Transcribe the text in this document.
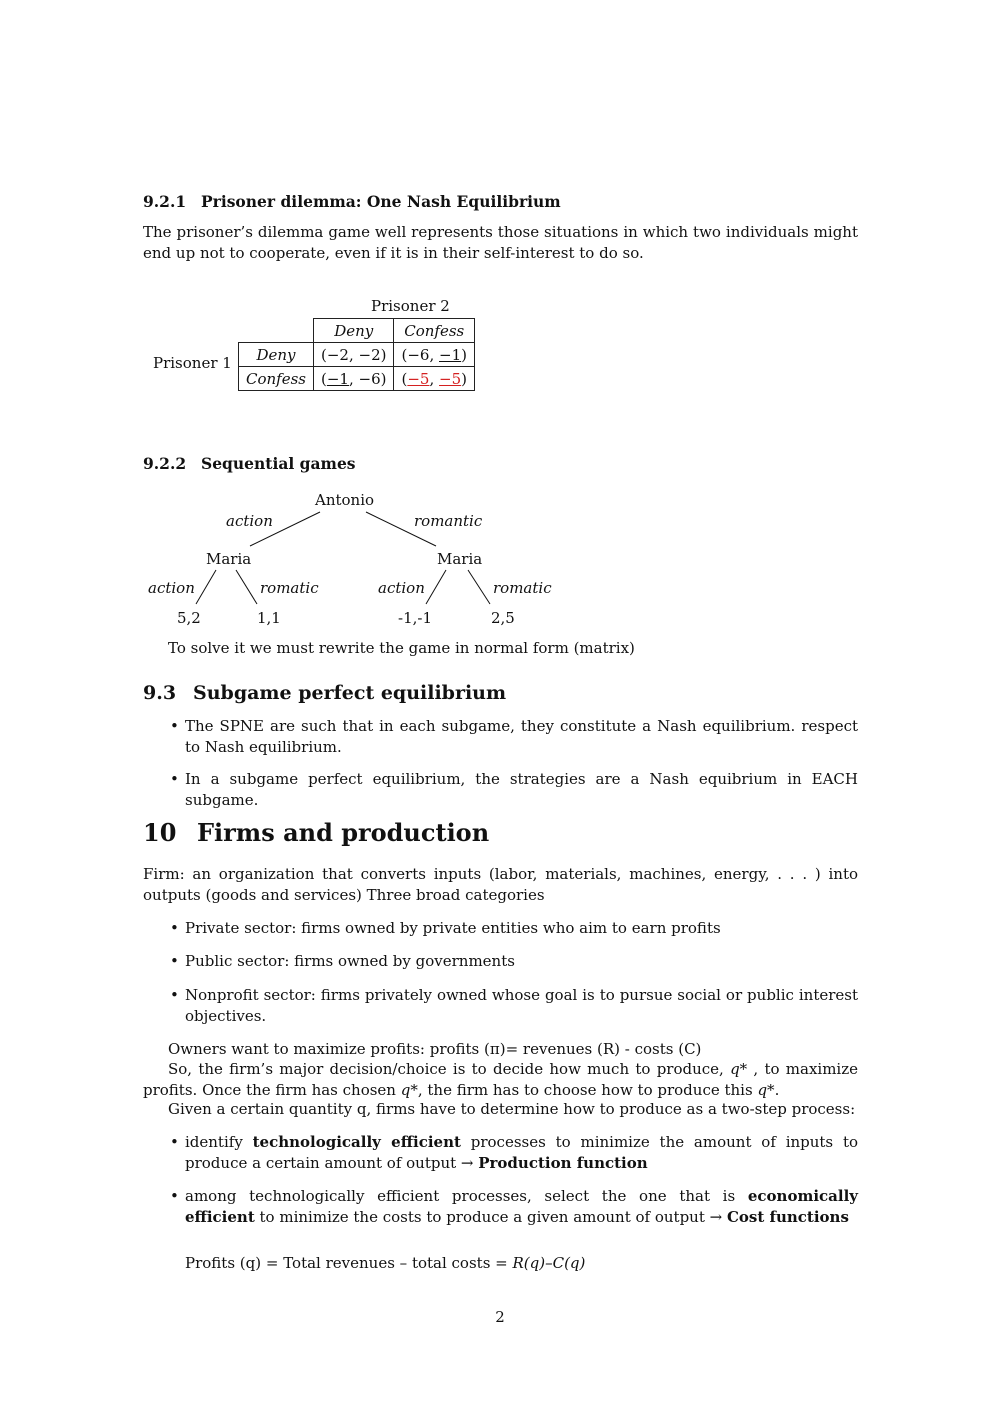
9.2.1 Prisoner dilemma: One Nash Equilibrium
The prisoner’s dilemma game well represents those situations in which two individuals might end up not to cooperate, even if it is in their self-interest to do so.
Prisoner 2
Prisoner 1
	Deny	Confess
Deny	(−2, −2)	(−6, −1)
Confess	(−1, −6)	(−5, −5)
9.2.2 Sequential games
Antonio
action	romantic
Maria	Maria
action	romatic	action	romatic
5,2	1,1	-1,-1	2,5
To solve it we must rewrite the game in normal form (matrix)
9.3 Subgame perfect equilibrium
• The SPNE are such that in each subgame, they constitute a Nash equilibrium. respect to Nash equilibrium.
• In a subgame perfect equilibrium, the strategies are a Nash equibrium in EACH subgame.
10 Firms and production
Firm: an organization that converts inputs (labor, materials, machines, energy, . . . ) into outputs (goods and services) Three broad categories
• Private sector: firms owned by private entities who aim to earn profits
• Public sector: firms owned by governments
• Nonprofit sector: firms privately owned whose goal is to pursue social or public interest objectives.
Owners want to maximize profits: profits (π)= revenues (R) - costs (C)
So, the firm’s major decision/choice is to decide how much to produce, q* , to maximize profits. Once the firm has chosen q*, the firm has to choose how to produce this q*.
Given a certain quantity q, firms have to determine how to produce as a two-step process:
• identify technologically efficient processes to minimize the amount of inputs to produce a certain amount of output → Production function
• among technologically efficient processes, select the one that is economically efficient to minimize the costs to produce a given amount of output → Cost functions
Profits (q) = Total revenues – total costs = R(q)–C(q)
2
